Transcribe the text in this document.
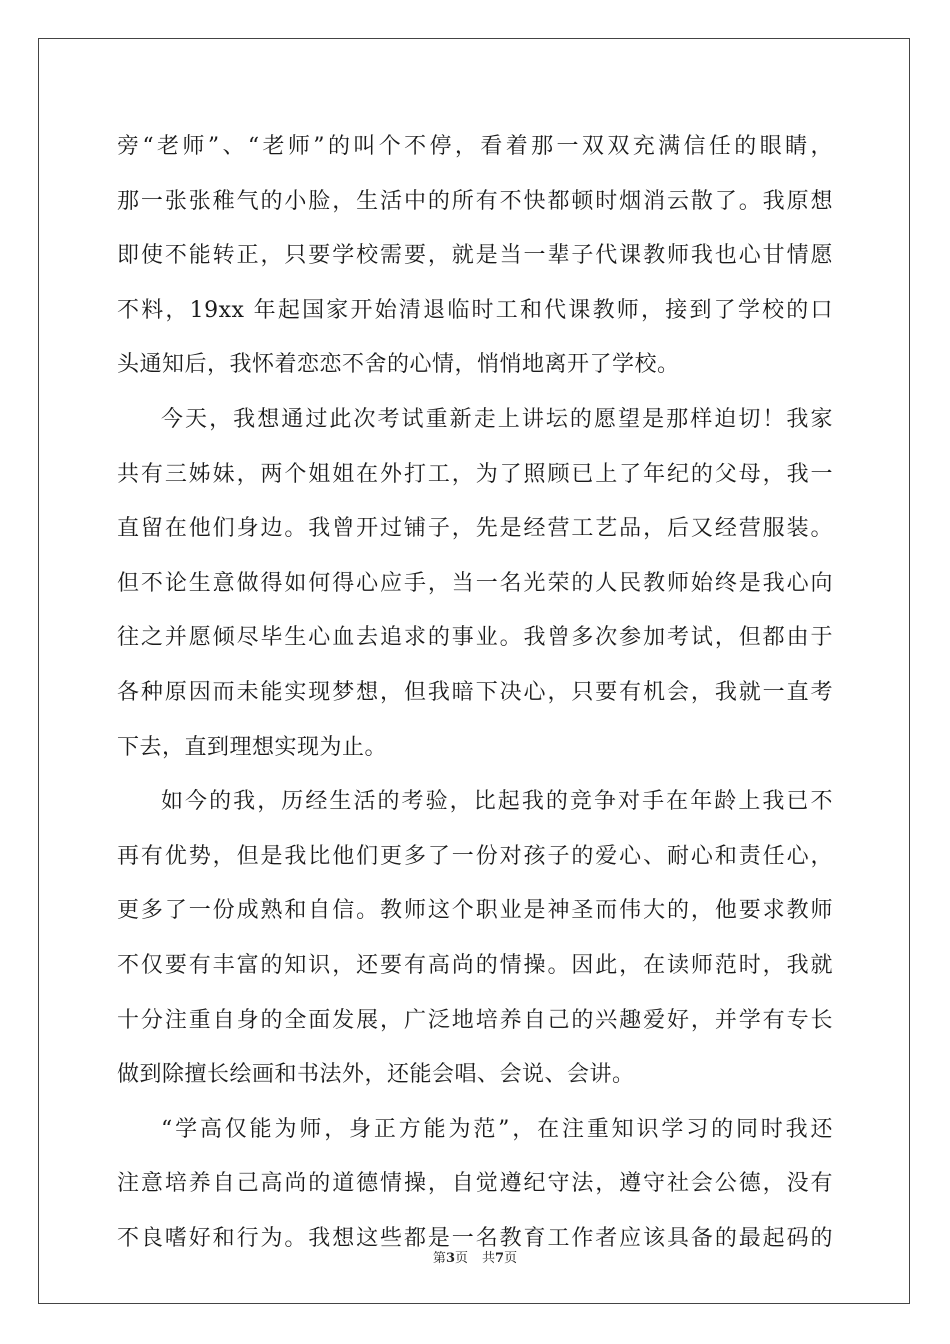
旁“老师”、“老师”的叫个不停，看着那一双双充满信任的眼睛，
那一张张稚气的小脸，生活中的所有不快都顿时烟消云散了。我原想
即使不能转正，只要学校需要，就是当一辈子代课教师我也心甘情愿
不料，19xx 年起国家开始清退临时工和代课教师，接到了学校的口
头通知后，我怀着恋恋不舍的心情，悄悄地离开了学校。
今天，我想通过此次考试重新走上讲坛的愿望是那样迫切！我家
共有三姊妹，两个姐姐在外打工，为了照顾已上了年纪的父母，我一
直留在他们身边。我曾开过铺子，先是经营工艺品，后又经营服装。
但不论生意做得如何得心应手，当一名光荣的人民教师始终是我心向
往之并愿倾尽毕生心血去追求的事业。我曾多次参加考试，但都由于
各种原因而未能实现梦想，但我暗下决心，只要有机会，我就一直考
下去，直到理想实现为止。
如今的我，历经生活的考验，比起我的竞争对手在年龄上我已不
再有优势，但是我比他们更多了一份对孩子的爱心、耐心和责任心，
更多了一份成熟和自信。教师这个职业是神圣而伟大的，他要求教师
不仅要有丰富的知识，还要有高尚的情操。因此，在读师范时，我就
十分注重自身的全面发展，广泛地培养自己的兴趣爱好，并学有专长
做到除擅长绘画和书法外，还能会唱、会说、会讲。
“学高仅能为师，身正方能为范”，在注重知识学习的同时我还
注意培养自己高尚的道德情操，自觉遵纪守法，遵守社会公德，没有
不良嗜好和行为。我想这些都是一名教育工作者应该具备的最起码的
第3页 共7页
